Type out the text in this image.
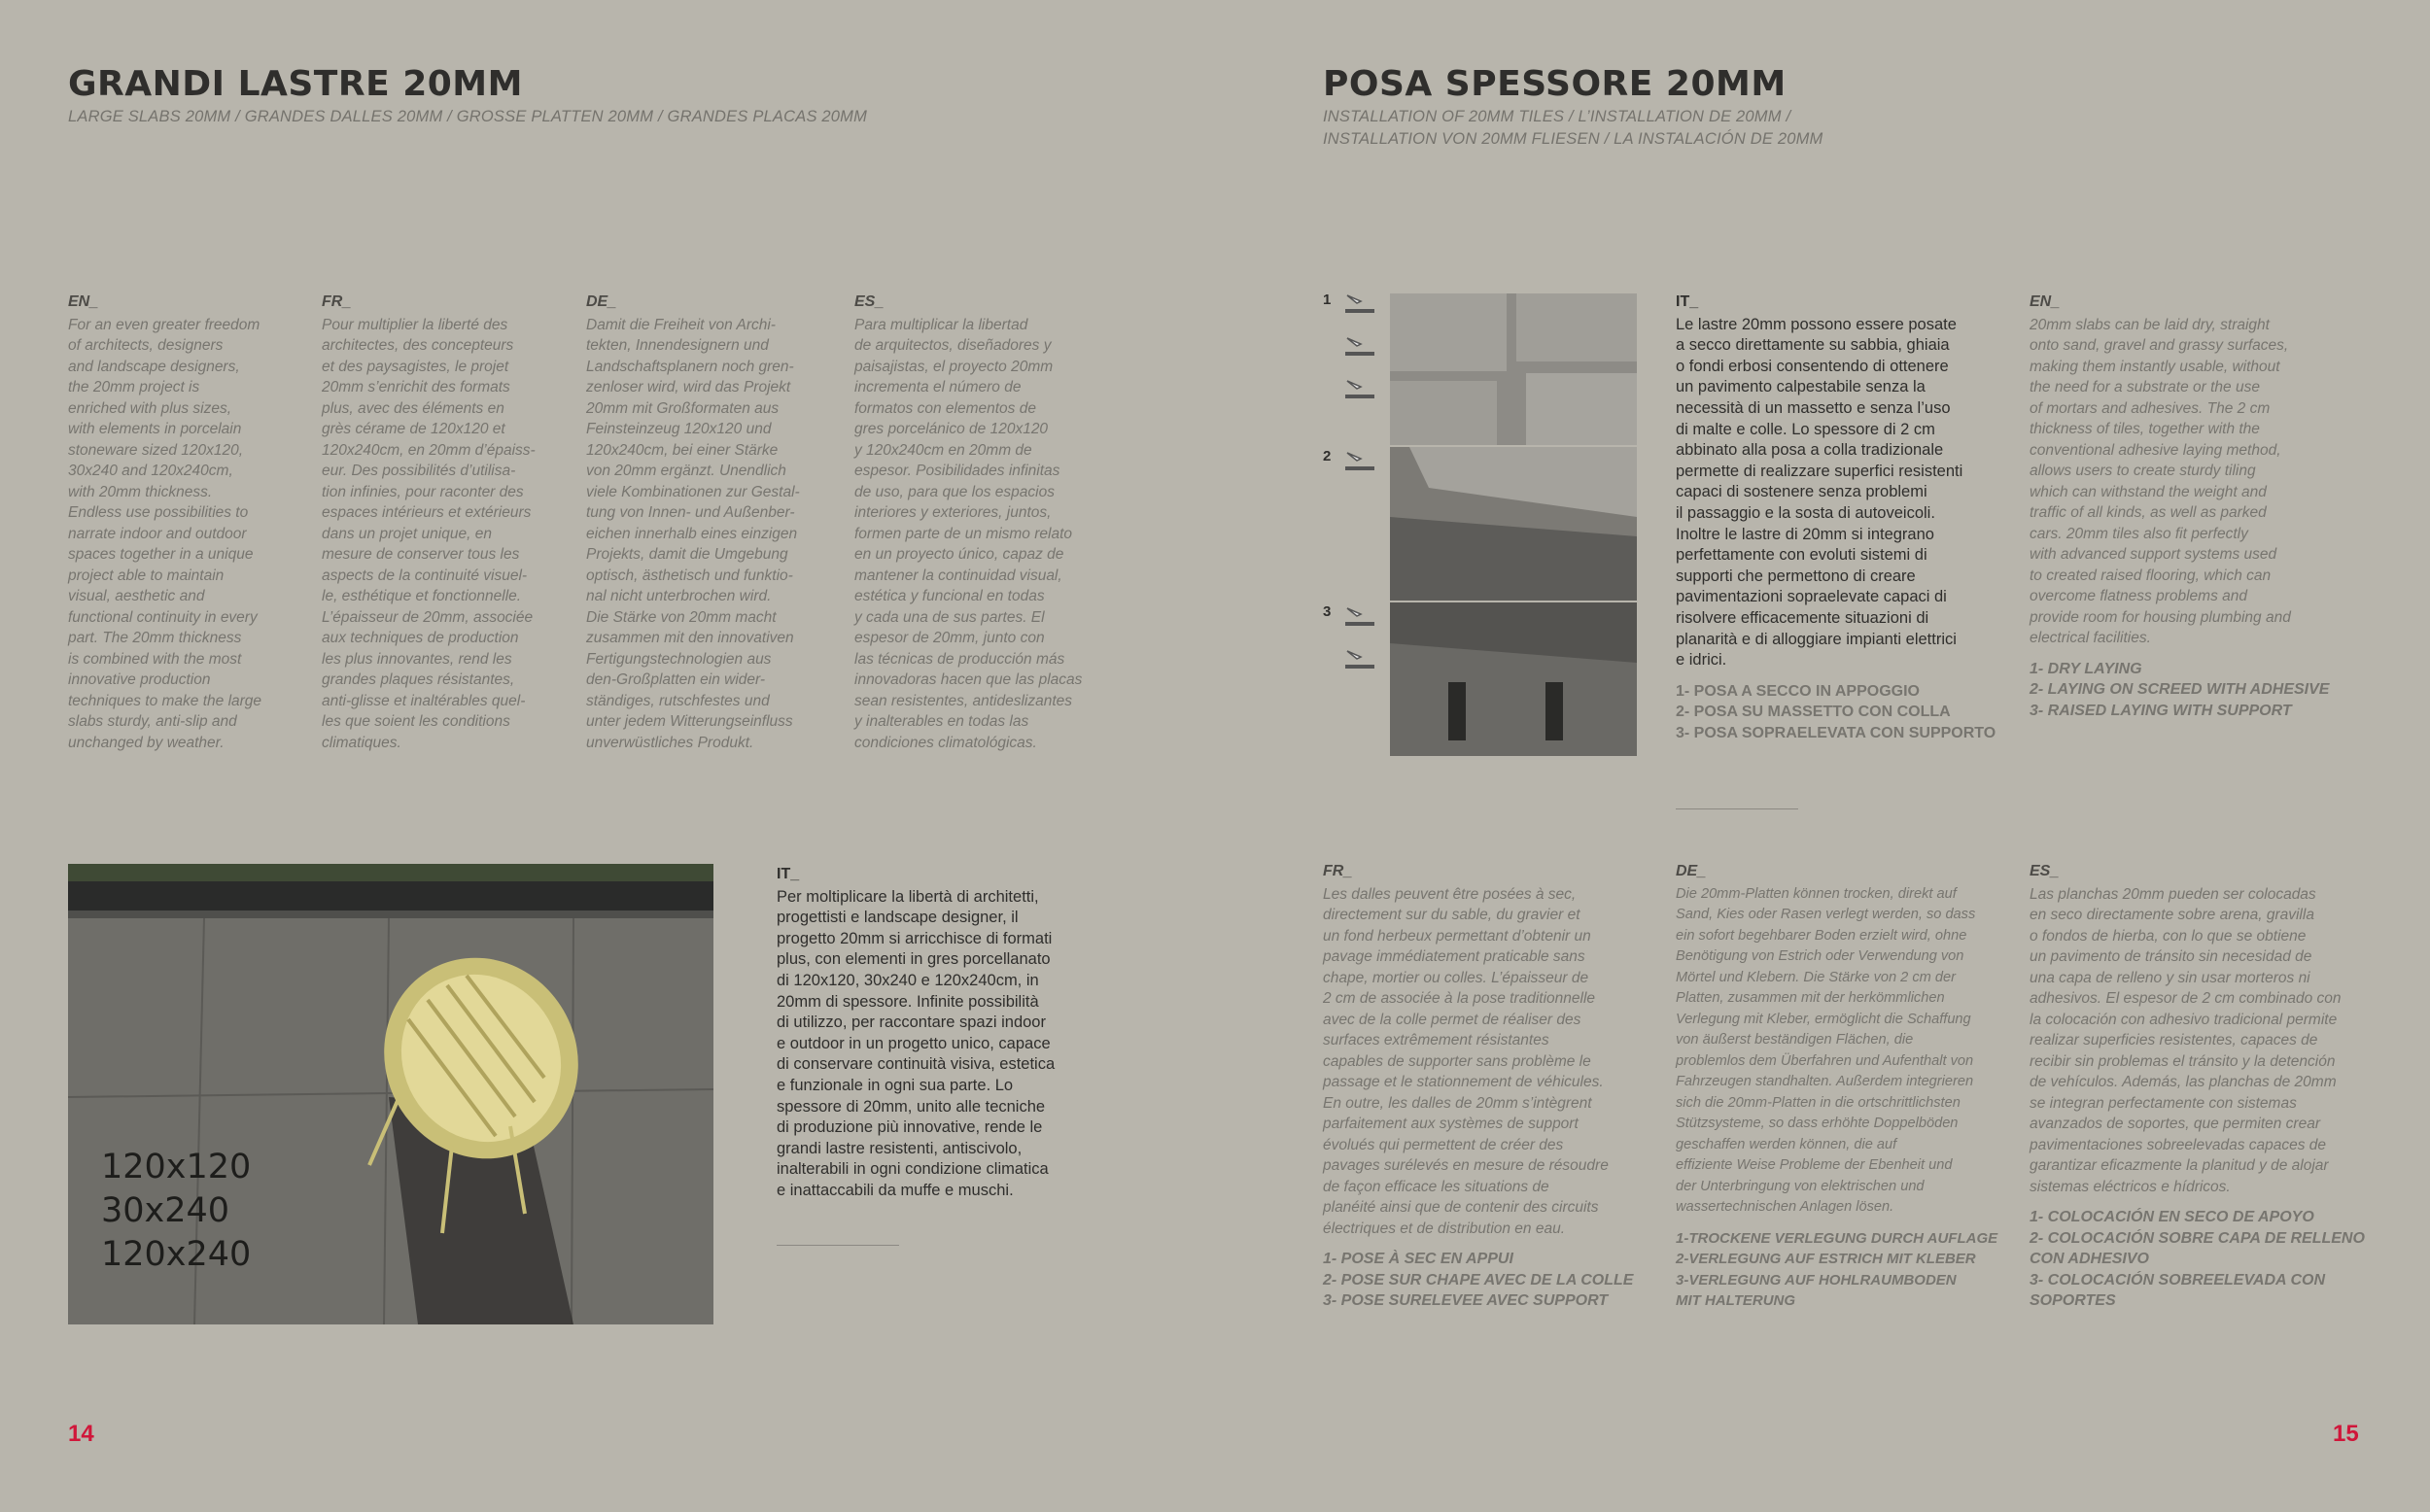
GRANDI LASTRE 20MM
LARGE SLABS 20MM / GRANDES DALLES 20MM / GROSSE PLATTEN 20MM / GRANDES PLACAS 20MM
EN_
For an even greater freedom
of architects, designers
and landscape designers,
the 20mm project is
enriched with plus sizes,
with elements in porcelain
stoneware sized 120x120,
30x240 and 120x240cm,
with 20mm thickness.
Endless use possibilities to
narrate indoor and outdoor
spaces together in a unique
project able to maintain
visual, aesthetic and
functional continuity in every
part. The 20mm thickness
is combined with the most
innovative production
techniques to make the large
slabs sturdy, anti-slip and
unchanged by weather.
FR_
Pour multiplier la liberté des
architectes, des concepteurs
et des paysagistes, le projet
20mm s’enrichit des formats
plus, avec des éléments en
grès cérame de 120x120 et
120x240cm, en 20mm d’épaiss-
eur. Des possibilités d’utilisa-
tion infinies, pour raconter des
espaces intérieurs et extérieurs
dans un projet unique, en
mesure de conserver tous les
aspects de la continuité visuel-
le, esthétique et fonctionnelle.
L’épaisseur de 20mm, associée
aux techniques de production
les plus innovantes, rend les
grandes plaques résistantes,
anti-glisse et inaltérables quel-
les que soient les conditions
climatiques.
DE_
Damit die Freiheit von Archi-
tekten, Innendesignern und
Landschaftsplanern noch gren-
zenloser wird, wird das Projekt
20mm mit Großformaten aus
Feinsteinzeug 120x120 und
120x240cm, bei einer Stärke
von 20mm ergänzt. Unendlich
viele Kombinationen zur Gestal-
tung von Innen- und Außenber-
eichen innerhalb eines einzigen
Projekts, damit die Umgebung
optisch, ästhetisch und funktio-
nal nicht unterbrochen wird.
Die Stärke von 20mm macht
zusammen mit den innovativen
Fertigungstechnologien aus
den-Großplatten ein wider-
ständiges, rutschfestes und
unter jedem Witterungseinfluss
unverwüstliches Produkt.
ES_
Para multiplicar la libertad
de arquitectos, diseñadores y
paisajistas, el proyecto 20mm
incrementa el número de
formatos con elementos de
gres porcelánico de 120x120
y 120x240cm en 20mm de
espesor. Posibilidades infinitas
de uso, para que los espacios
interiores y exteriores, juntos,
formen parte de un mismo relato
en un proyecto único, capaz de
mantener la continuidad visual,
estética y funcional en todas
y cada una de sus partes. El
espesor de 20mm, junto con
las técnicas de producción más
innovadoras hacen que las placas
sean resistentes, antideslizantes
y inalterables en todas las
condiciones climatológicas.
120x120
30x240
120x240
IT_
Per moltiplicare la libertà di architetti,
progettisti e landscape designer, il
progetto 20mm si arricchisce di formati
plus, con elementi in gres porcellanato
di 120x120, 30x240 e 120x240cm, in
20mm di spessore. Infinite possibilità
di utilizzo, per raccontare spazi indoor
e outdoor in un progetto unico, capace
di conservare continuità visiva, estetica
e funzionale in ogni sua parte. Lo
spessore di 20mm, unito alle tecniche
di produzione più innovative, rende le
grandi lastre resistenti, antiscivolo,
inalterabili in ogni condizione climatica
e inattaccabili da muffe e muschi.
14
POSA SPESSORE 20MM
INSTALLATION OF 20MM TILES / L’INSTALLATION DE 20MM /
INSTALLATION VON 20MM FLIESEN / LA INSTALACIÓN DE 20MM
1
2
3
IT_
Le lastre 20mm possono essere posate
a secco direttamente su sabbia, ghiaia
o fondi erbosi consentendo di ottenere
un pavimento calpestabile senza la
necessità di un massetto e senza l’uso
di malte e colle. Lo spessore di 2 cm
abbinato alla posa a colla tradizionale
permette di realizzare superfici resistenti
capaci di sostenere senza problemi
il passaggio e la sosta di autoveicoli.
Inoltre le lastre di 20mm si integrano
perfettamente con evoluti sistemi di
supporti che permettono di creare
pavimentazioni sopraelevate capaci di
risolvere efficacemente situazioni di
planarità e di alloggiare impianti elettrici
e idrici.
1- POSA A SECCO IN APPOGGIO
2- POSA SU MASSETTO CON COLLA
3- POSA SOPRAELEVATA CON SUPPORTO
EN_
20mm slabs can be laid dry, straight
onto sand, gravel and grassy surfaces,
making them instantly usable, without
the need for a substrate or the use
of mortars and adhesives. The 2 cm
thickness of tiles, together with the
conventional adhesive laying method,
allows users to create sturdy tiling
which can withstand the weight and
traffic of all kinds, as well as parked
cars. 20mm tiles also fit perfectly
with advanced support systems used
to created raised flooring, which can
overcome flatness problems and
provide room for housing plumbing and
electrical facilities.
1- DRY LAYING
2- LAYING ON SCREED WITH ADHESIVE
3- RAISED LAYING WITH SUPPORT
FR_
Les dalles peuvent être posées à sec,
directement sur du sable, du gravier et
un fond herbeux permettant d’obtenir un
pavage immédiatement praticable sans
chape, mortier ou colles. L’épaisseur de
2 cm de associée à la pose traditionnelle
avec de la colle permet de réaliser des
surfaces extrêmement résistantes
capables de supporter sans problème le
passage et le stationnement de véhicules.
En outre, les dalles de 20mm s’intègrent
parfaitement aux systèmes de support
évolués qui permettent de créer des
pavages surélevés en mesure de résoudre
de façon efficace les situations de
planéité ainsi que de contenir des circuits
électriques et de distribution en eau.
1- POSE À SEC EN APPUI
2- POSE SUR CHAPE AVEC DE LA COLLE
3- POSE SURELEVEE AVEC SUPPORT
DE_
Die 20mm-Platten können trocken, direkt auf
Sand, Kies oder Rasen verlegt werden, so dass
ein sofort begehbarer Boden erzielt wird, ohne
Benötigung von Estrich oder Verwendung von
Mörtel und Klebern. Die Stärke von 2 cm der
Platten, zusammen mit der herkömmlichen
Verlegung mit Kleber, ermöglicht die Schaffung
von äußerst beständigen Flächen, die
problemlos dem Überfahren und Aufenthalt von
Fahrzeugen standhalten. Außerdem integrieren
sich die 20mm-Platten in die ortschrittlichsten
Stützsysteme, so dass erhöhte Doppelböden
geschaffen werden können, die auf
effiziente Weise Probleme der Ebenheit und
der Unterbringung von elektrischen und
wassertechnischen Anlagen lösen.
1-TROCKENE VERLEGUNG DURCH AUFLAGE
2-VERLEGUNG AUF ESTRICH MIT KLEBER
3-VERLEGUNG AUF HOHLRAUMBODEN
MIT HALTERUNG
ES_
Las planchas 20mm pueden ser colocadas
en seco directamente sobre arena, gravilla
o fondos de hierba, con lo que se obtiene
un pavimento de tránsito sin necesidad de
una capa de relleno y sin usar morteros ni
adhesivos. El espesor de 2 cm combinado con
la colocación con adhesivo tradicional permite
realizar superficies resistentes, capaces de
recibir sin problemas el tránsito y la detención
de vehículos. Además, las planchas de 20mm
se integran perfectamente con sistemas
avanzados de soportes, que permiten crear
pavimentaciones sobreelevadas capaces de
garantizar eficazmente la planitud y de alojar
sistemas eléctricos e hídricos.
1- COLOCACIÓN EN SECO DE APOYO
2- COLOCACIÓN SOBRE CAPA DE RELLENO
CON ADHESIVO
3- COLOCACIÓN SOBREELEVADA CON
SOPORTES
15
